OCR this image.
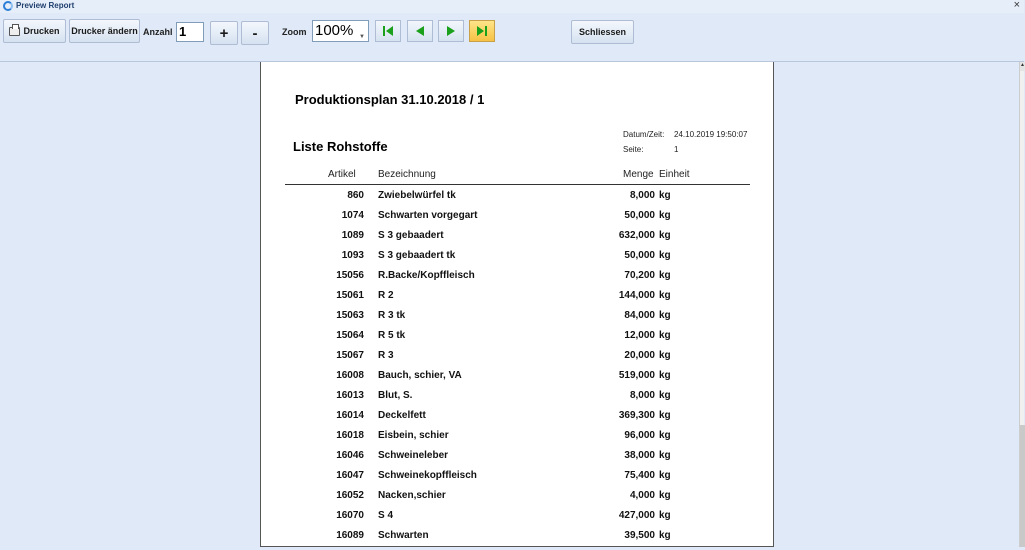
Preview Report	×
Drucken Drucker ändern Anzahl 1	+	-	Zoom 100% ▼	Schliessen
Produktionsplan 31.10.2018 / 1
Liste Rohstoffe
Datum/Zeit: 24.10.2019 19:50:07
Seite:	1
Artikel Bezeichnung	Menge Einheit
860 Zwiebelwürfel tk	8,000 kg
1074 Schwarten vorgegart	50,000 kg
1089 S 3 gebaadert	632,000 kg
1093 S 3 gebaadert tk	50,000 kg
15056 R.Backe/Kopffleisch	70,200 kg
15061 R 2	144,000 kg
15063 R 3 tk	84,000 kg
15064 R 5 tk	12,000 kg
15067 R 3	20,000 kg
16008 Bauch, schier, VA	519,000 kg
16013 Blut, S.	8,000 kg
16014 Deckelfett	369,300 kg
16018 Eisbein, schier	96,000 kg
16046 Schweineleber	38,000 kg
16047 Schweinekopffleisch	75,400 kg
16052 Nacken,schier	4,000 kg
16070 S 4	427,000 kg
16089 Schwarten	39,500 kg
▲
